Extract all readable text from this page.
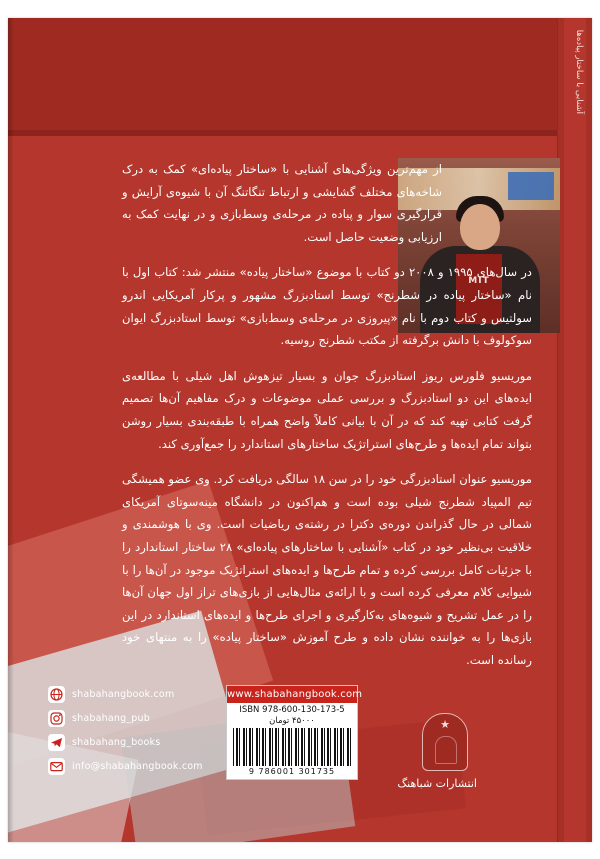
آشنایی با ساختار پیاده‌ها
MIT

از مهم‌ترین ویژگی‌های آشنایی با «ساختار پیاده‌ای» کمک به درک شاخه‌های مختلف گشایشی و ارتباط تنگاتنگ آن با شیوه‌ی آرایش و قرارگیری سوار و پیاده در مرحله‌ی وسط‌بازی و در نهایت کمک به ارزیابی وضعیت حاصل است.

در سال‌های ۱۹۹۵ و ۲۰۰۸ دو کتاب با موضوع «ساختار پیاده» منتشر شد: کتاب اول با نام «ساختار پیاده در شطرنج» توسط استادبزرگ مشهور و پرکار آمریکایی اندرو سولتیس و کتاب دوم با نام «پیروزی در مرحله‌ی وسط‌بازی» توسط استادبزرگ ایوان سوکولوف با دانش برگرفته از مکتب شطرنج روسیه.

موریسیو فلورس ریوز استادبزرگ جوان و بسیار تیزهوش اهل شیلی با مطالعه‌ی ایده‌های این دو استادبزرگ و بررسی عملی موضوعات و درک مفاهیم آن‌ها تصمیم گرفت کتابی تهیه کند که در آن با بیانی کاملاً واضح همراه با طبقه‌بندی بسیار روشن بتواند تمام ایده‌ها و طرح‌های استراتژیک ساختارهای استاندارد را جمع‌آوری کند.

موریسیو عنوان استادبزرگی خود را در سن ۱۸ سالگی دریافت کرد. وی عضو همیشگی تیم المپیاد شطرنج شیلی بوده است و هم‌اکنون در دانشگاه مینه‌سوتای آمریکای شمالی در حال گذراندن دوره‌ی دکترا در رشته‌ی ریاضیات است. وی با هوشمندی و خلاقیت بی‌نظیر خود در کتاب «آشنایی با ساختارهای پیاده‌ای» ۲۸ ساختار استاندارد را با جزئیات کامل بررسی کرده و تمام طرح‌ها و ایده‌های استراتژیک موجود در آن‌ها را با شیوایی کلام معرفی کرده است و با ارائه‌ی مثال‌هایی از بازی‌های تراز اول جهان آن‌ها را در عمل تشریح و شیوه‌های به‌کارگیری و اجرای طرح‌ها و ایده‌های استاندارد در این بازی‌ها را به خواننده نشان داده و طرح آموزش «ساختار پیاده» را به منتهای خود رسانده است.

★
انتشارات شباهنگ
www.shabahangbook.com
ISBN 978-600-130-173-5
۴۵۰۰۰ تومان
9 786001 301735
shabahangbook.com
shabahang_pub
shabahang_books
info@shabahangbook.com
